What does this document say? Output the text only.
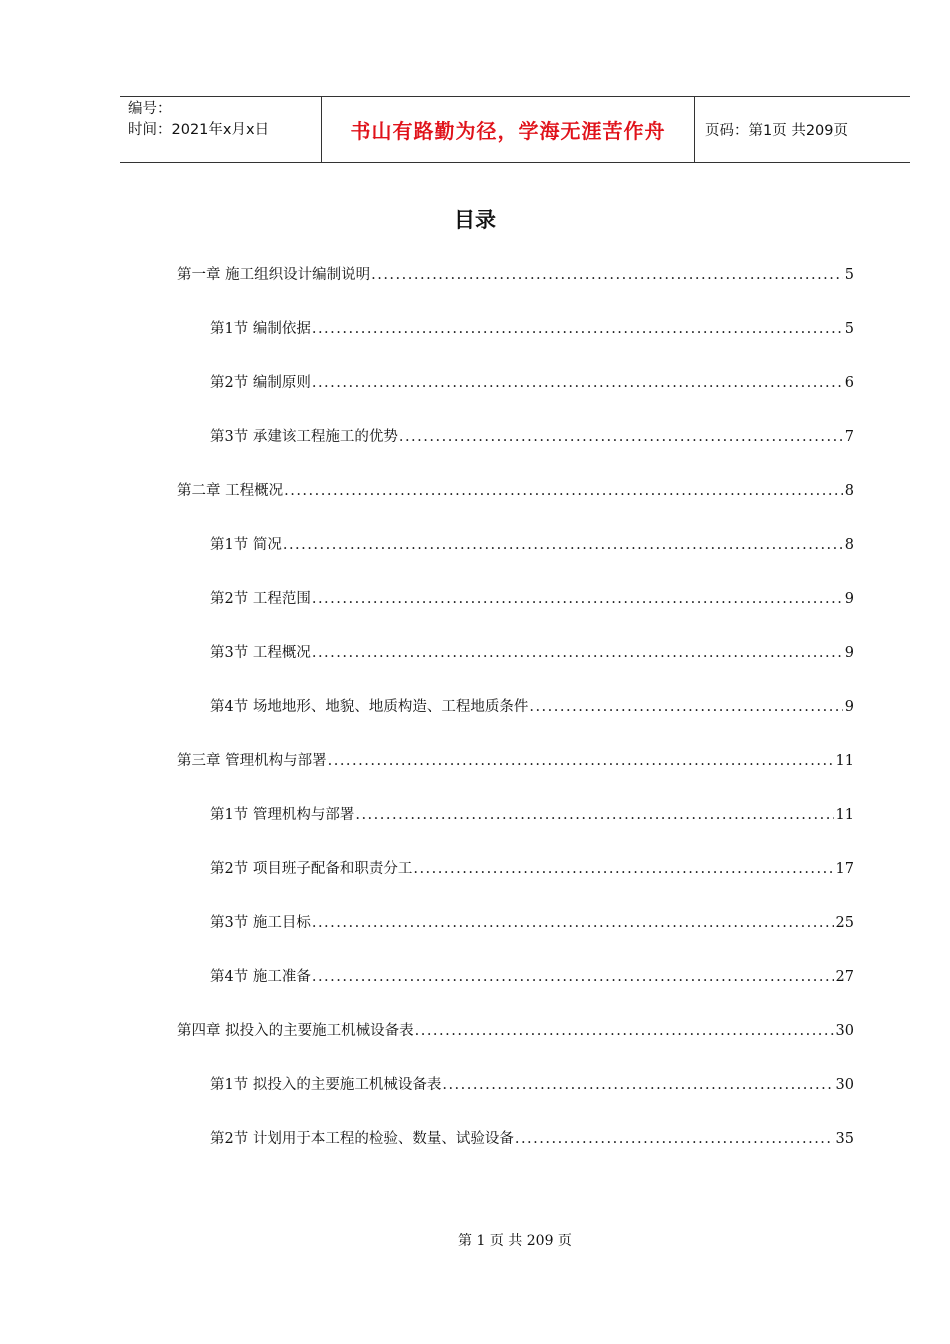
编号：
时间：2021年x月x日	书山有路勤为径，学海无涯苦作舟	页码：第1页 共209页
目录
第一章 施工组织设计编制说明 .....	5
第1节 编制依据 .....	5
第2节 编制原则 .....	6
第3节 承建该工程施工的优势 .....	7
第二章 工程概况 .....	8
第1节 简况 .....	8
第2节 工程范围 .....	9
第3节 工程概况 .....	9
第4节 场地地形、地貌、地质构造、工程地质条件 .....	9
第三章 管理机构与部署 .....	11
第1节 管理机构与部署 .....	11
第2节 项目班子配备和职责分工 .....	17
第3节 施工目标 .....	25
第4节 施工准备 .....	27
第四章 拟投入的主要施工机械设备表 .....	30
第1节 拟投入的主要施工机械设备表 .....	30
第2节 计划用于本工程的检验、数量、试验设备 .....	35
第 1 页 共 209 页
